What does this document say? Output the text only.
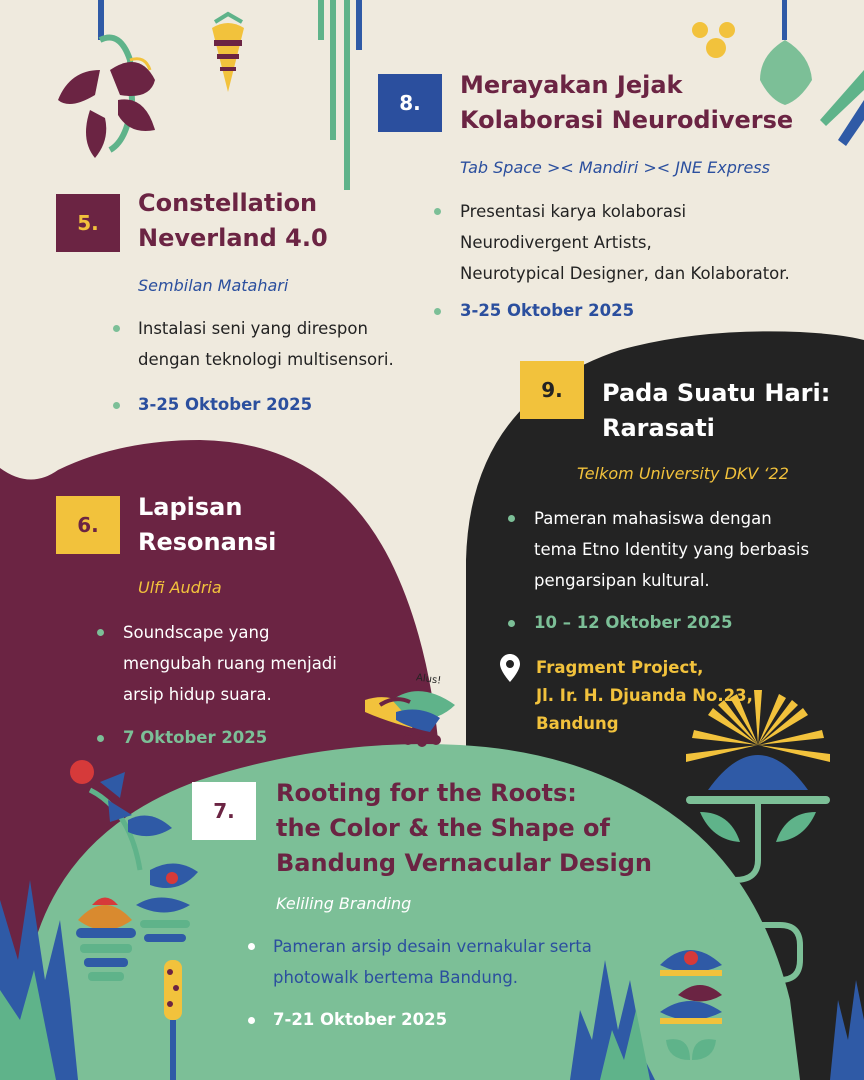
5.
Constellation
Neverland 4.0
Sembilan Matahari
Instalasi seni yang direspon
dengan teknologi multisensori.
3-25 Oktober 2025
8.
Merayakan Jejak
Kolaborasi Neurodiverse
Tab Space >< Mandiri >< JNE Express
Presentasi karya kolaborasi
Neurodivergent Artists,
Neurotypical Designer, dan Kolaborator.
3-25 Oktober 2025
9. Pada Suatu Hari:
Rarasati
Telkom University DKV ‘22
Pameran mahasiswa dengan
tema Etno Identity yang berbasis
pengarsipan kultural.
10 – 12 Oktober 2025
Fragment Project,
Jl. Ir. H. Djuanda No.23,
Bandung
6.
Lapisan
Resonansi
Ulfi Audria
Soundscape yang
mengubah ruang menjadi
arsip hidup suara.
7 Oktober 2025
Alus!
7.
Rooting for the Roots:
the Color & the Shape of
Bandung Vernacular Design
Keliling Branding
Pameran arsip desain vernakular serta
photowalk bertema Bandung.
7-21 Oktober 2025
